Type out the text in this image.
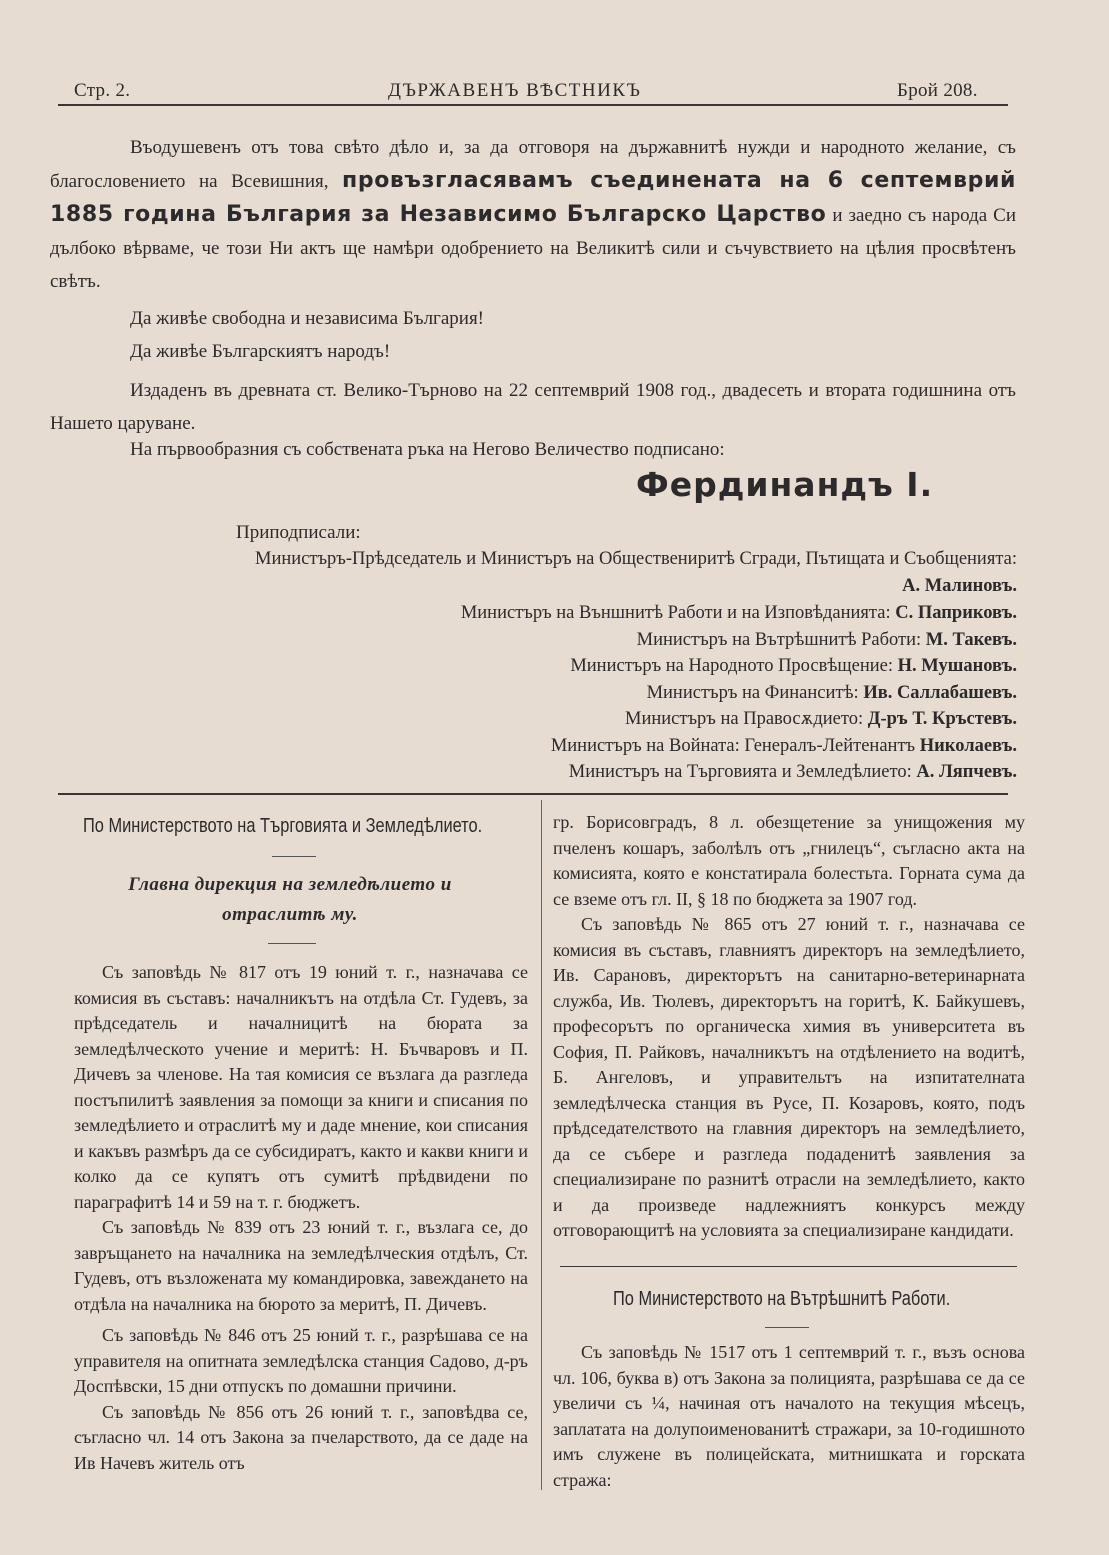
Стр. 2.	ДЪРЖАВЕНЪ ВѢСТНИКЪ	Брой 208.

Въодушевенъ отъ това свѣто дѣло и, за да отговоря на държавнитѣ нужди и народното желание, съ благословението на Всевишния, провъзгласявамъ съединената на 6 септемврий 1885 година България за Независимо Българско Царство и заедно съ народа Си дълбоко вѣрваме, че този Ни актъ ще намѣри одобрението на Великитѣ сили и съчувствието на цѣлия просвѣтенъ свѣтъ.

Да живѣе свободна и независима България!
Да живѣе Българскиятъ народъ!

Издаденъ въ древната ст. Велико-Търново на 22 септемврий 1908 год., двадесеть и втората годишнина отъ Нашето царуване.

На първообразния съ собствената ръка на Негово Величество подписано:
Фердинандъ I.
Приподписали:
Министъръ-Прѣдседатель и Министъръ на Обществениритѣ Сгради, Пътищата и Съобщенията:
А. Малиновъ.
Министъръ на Външнитѣ Работи и на Изповѣданията: С. Паприковъ.
Министъръ на Вътрѣшнитѣ Работи: М. Такевъ.
Министъръ на Народното Просвѣщение: Н. Мушановъ.
Министъръ на Финанситѣ: Ив. Саллабашевъ.
Министъръ на Правосѫдието: Д-ръ Т. Кръстевъ.
Министъръ на Войната: Генералъ-Лейтенантъ Николаевъ.
Министъръ на Търговията и Земледѣлието: А. Ляпчевъ.
По Министерството на Търговията и Земледѣлието.
Главна дирекция на земледѣлието и
отраслитѣ му.

Съ заповѣдь № 817 отъ 19 юний т. г., назначава се комисия въ съставъ: началникътъ на отдѣла Ст. Гудевъ, за прѣдседатель и началницитѣ на бюрата за земледѣлческото учение и меритѣ: Н. Бъчваровъ и П. Дичевъ за членове. На тая комисия се възлага да разгледа постъпилитѣ заявления за помощи за книги и списания по земледѣлието и отраслитѣ му и даде мнение, кои списания и какъвъ размѣръ да се субсидиратъ, както и какви книги и колко да се купятъ отъ сумитѣ прѣдвидени по параграфитѣ 14 и 59 на т. г. бюджетъ.

Съ заповѣдь № 839 отъ 23 юний т. г., възлага се, до завръщането на началника на земледѣлческия отдѣлъ, Ст. Гудевъ, отъ възложената му командировка, завеждането на отдѣла на началника на бюрото за меритѣ, П. Дичевъ.

Съ заповѣдь № 846 отъ 25 юний т. г., разрѣшава се на управителя на опитната земледѣлска станция Садово, д-ръ Доспѣвски, 15 дни отпускъ по домашни причини.

Съ заповѣдь № 856 отъ 26 юний т. г., заповѣдва се, съгласно чл. 14 отъ Закона за пчеларството, да се даде на Ив Начевъ житель отъ

гр. Борисовградъ, 8 л. обезщетение за унищожения му пчеленъ кошаръ, заболѣлъ отъ „гнилецъ“, съгласно акта на комисията, която е констатирала болестьта. Горната сума да се вземе отъ гл. II, § 18 по бюджета за 1907 год.

Съ заповѣдь № 865 отъ 27 юний т. г., назначава се комисия въ съставъ, главниятъ директоръ на земледѣлието, Ив. Сарановъ, директорътъ на санитарно-ветеринарната служба, Ив. Тюлевъ, директорътъ на горитѣ, К. Байкушевъ, професорътъ по органическа химия въ университета въ София, П. Райковъ, началникътъ на отдѣлението на водитѣ, Б. Ангеловъ, и управительтъ на изпитателната земледѣлческа станция въ Русе, П. Козаровъ, която, подъ прѣдседателството на главния директоръ на земледѣлието, да се събере и разгледа подаденитѣ заявления за специализиране по разнитѣ отрасли на земледѣлието, както и да произведе надлежниятъ конкурсъ между отговорающитѣ на условията за специализиране кандидати.

По Министерството на Вътрѣшнитѣ Работи.

Съ заповѣдь № 1517 отъ 1 септемврий т. г., възъ основа чл. 106, буква в) отъ Закона за полицията, разрѣшава се да се увеличи съ ¼, начиная отъ началото на текущия мѣсецъ, заплатата на долупоименованитѣ стражари, за 10-годишното имъ служене въ полицейската, митнишката и горската стража:
